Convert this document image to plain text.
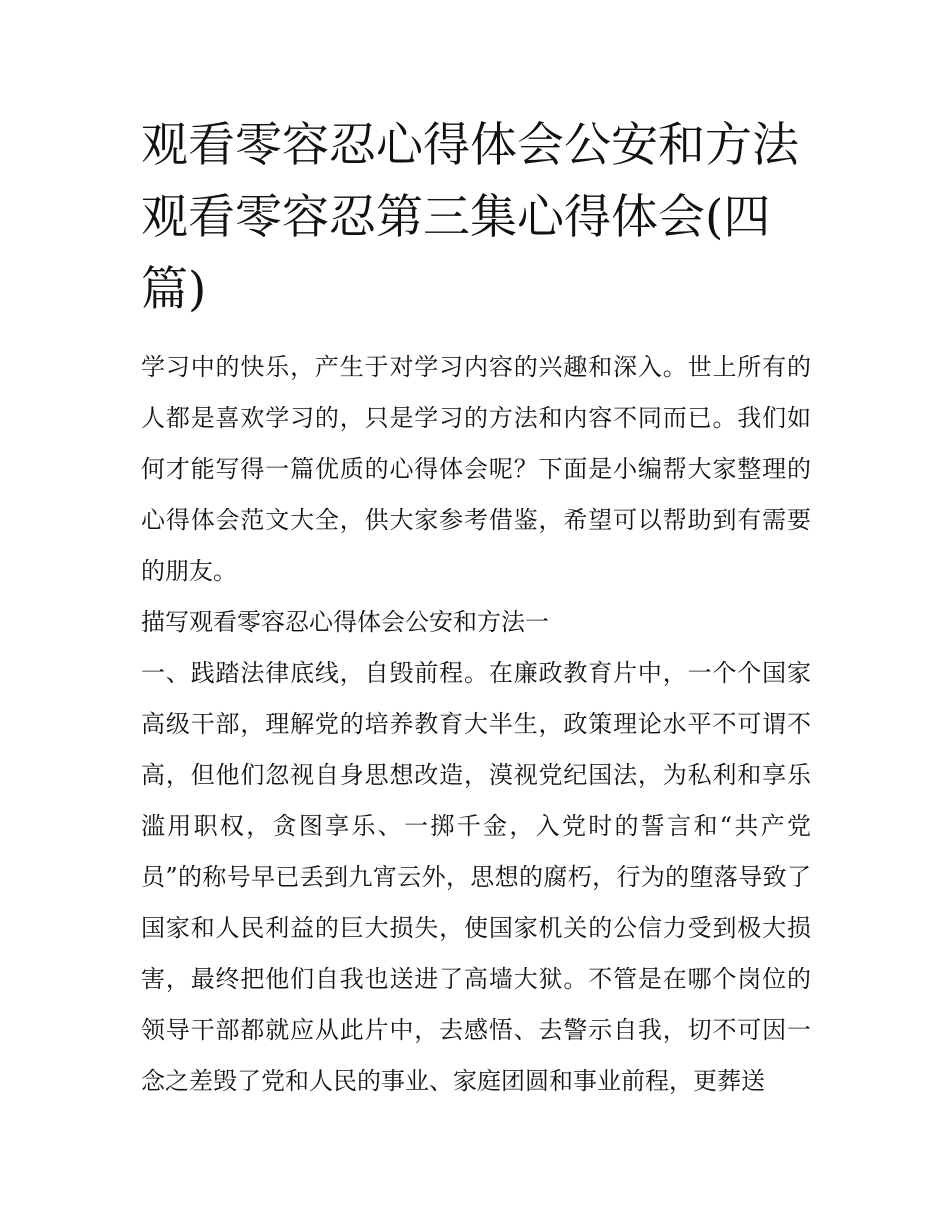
观看零容忍心得体会公安和方法 观看零容忍第三集心得体会(四篇)

学习中的快乐，产生于对学习内容的兴趣和深入。世上所有的人都是喜欢学习的，只是学习的方法和内容不同而已。我们如何才能写得一篇优质的心得体会呢？下面是小编帮大家整理的心得体会范文大全，供大家参考借鉴，希望可以帮助到有需要的朋友。

描写观看零容忍心得体会公安和方法一

一、践踏法律底线，自毁前程。在廉政教育片中，一个个国家高级干部，理解党的培养教育大半生，政策理论水平不可谓不高，但他们忽视自身思想改造，漠视党纪国法，为私利和享乐滥用职权，贪图享乐、一掷千金，入党时的誓言和“共产党员”的称号早已丢到九宵云外，思想的腐朽，行为的堕落导致了国家和人民利益的巨大损失，使国家机关的公信力受到极大损害，最终把他们自我也送进了高墙大狱。不管是在哪个岗位的领导干部都就应从此片中，去感悟、去警示自我，切不可因一念之差毁了党和人民的事业、家庭团圆和事业前程，更葬送
